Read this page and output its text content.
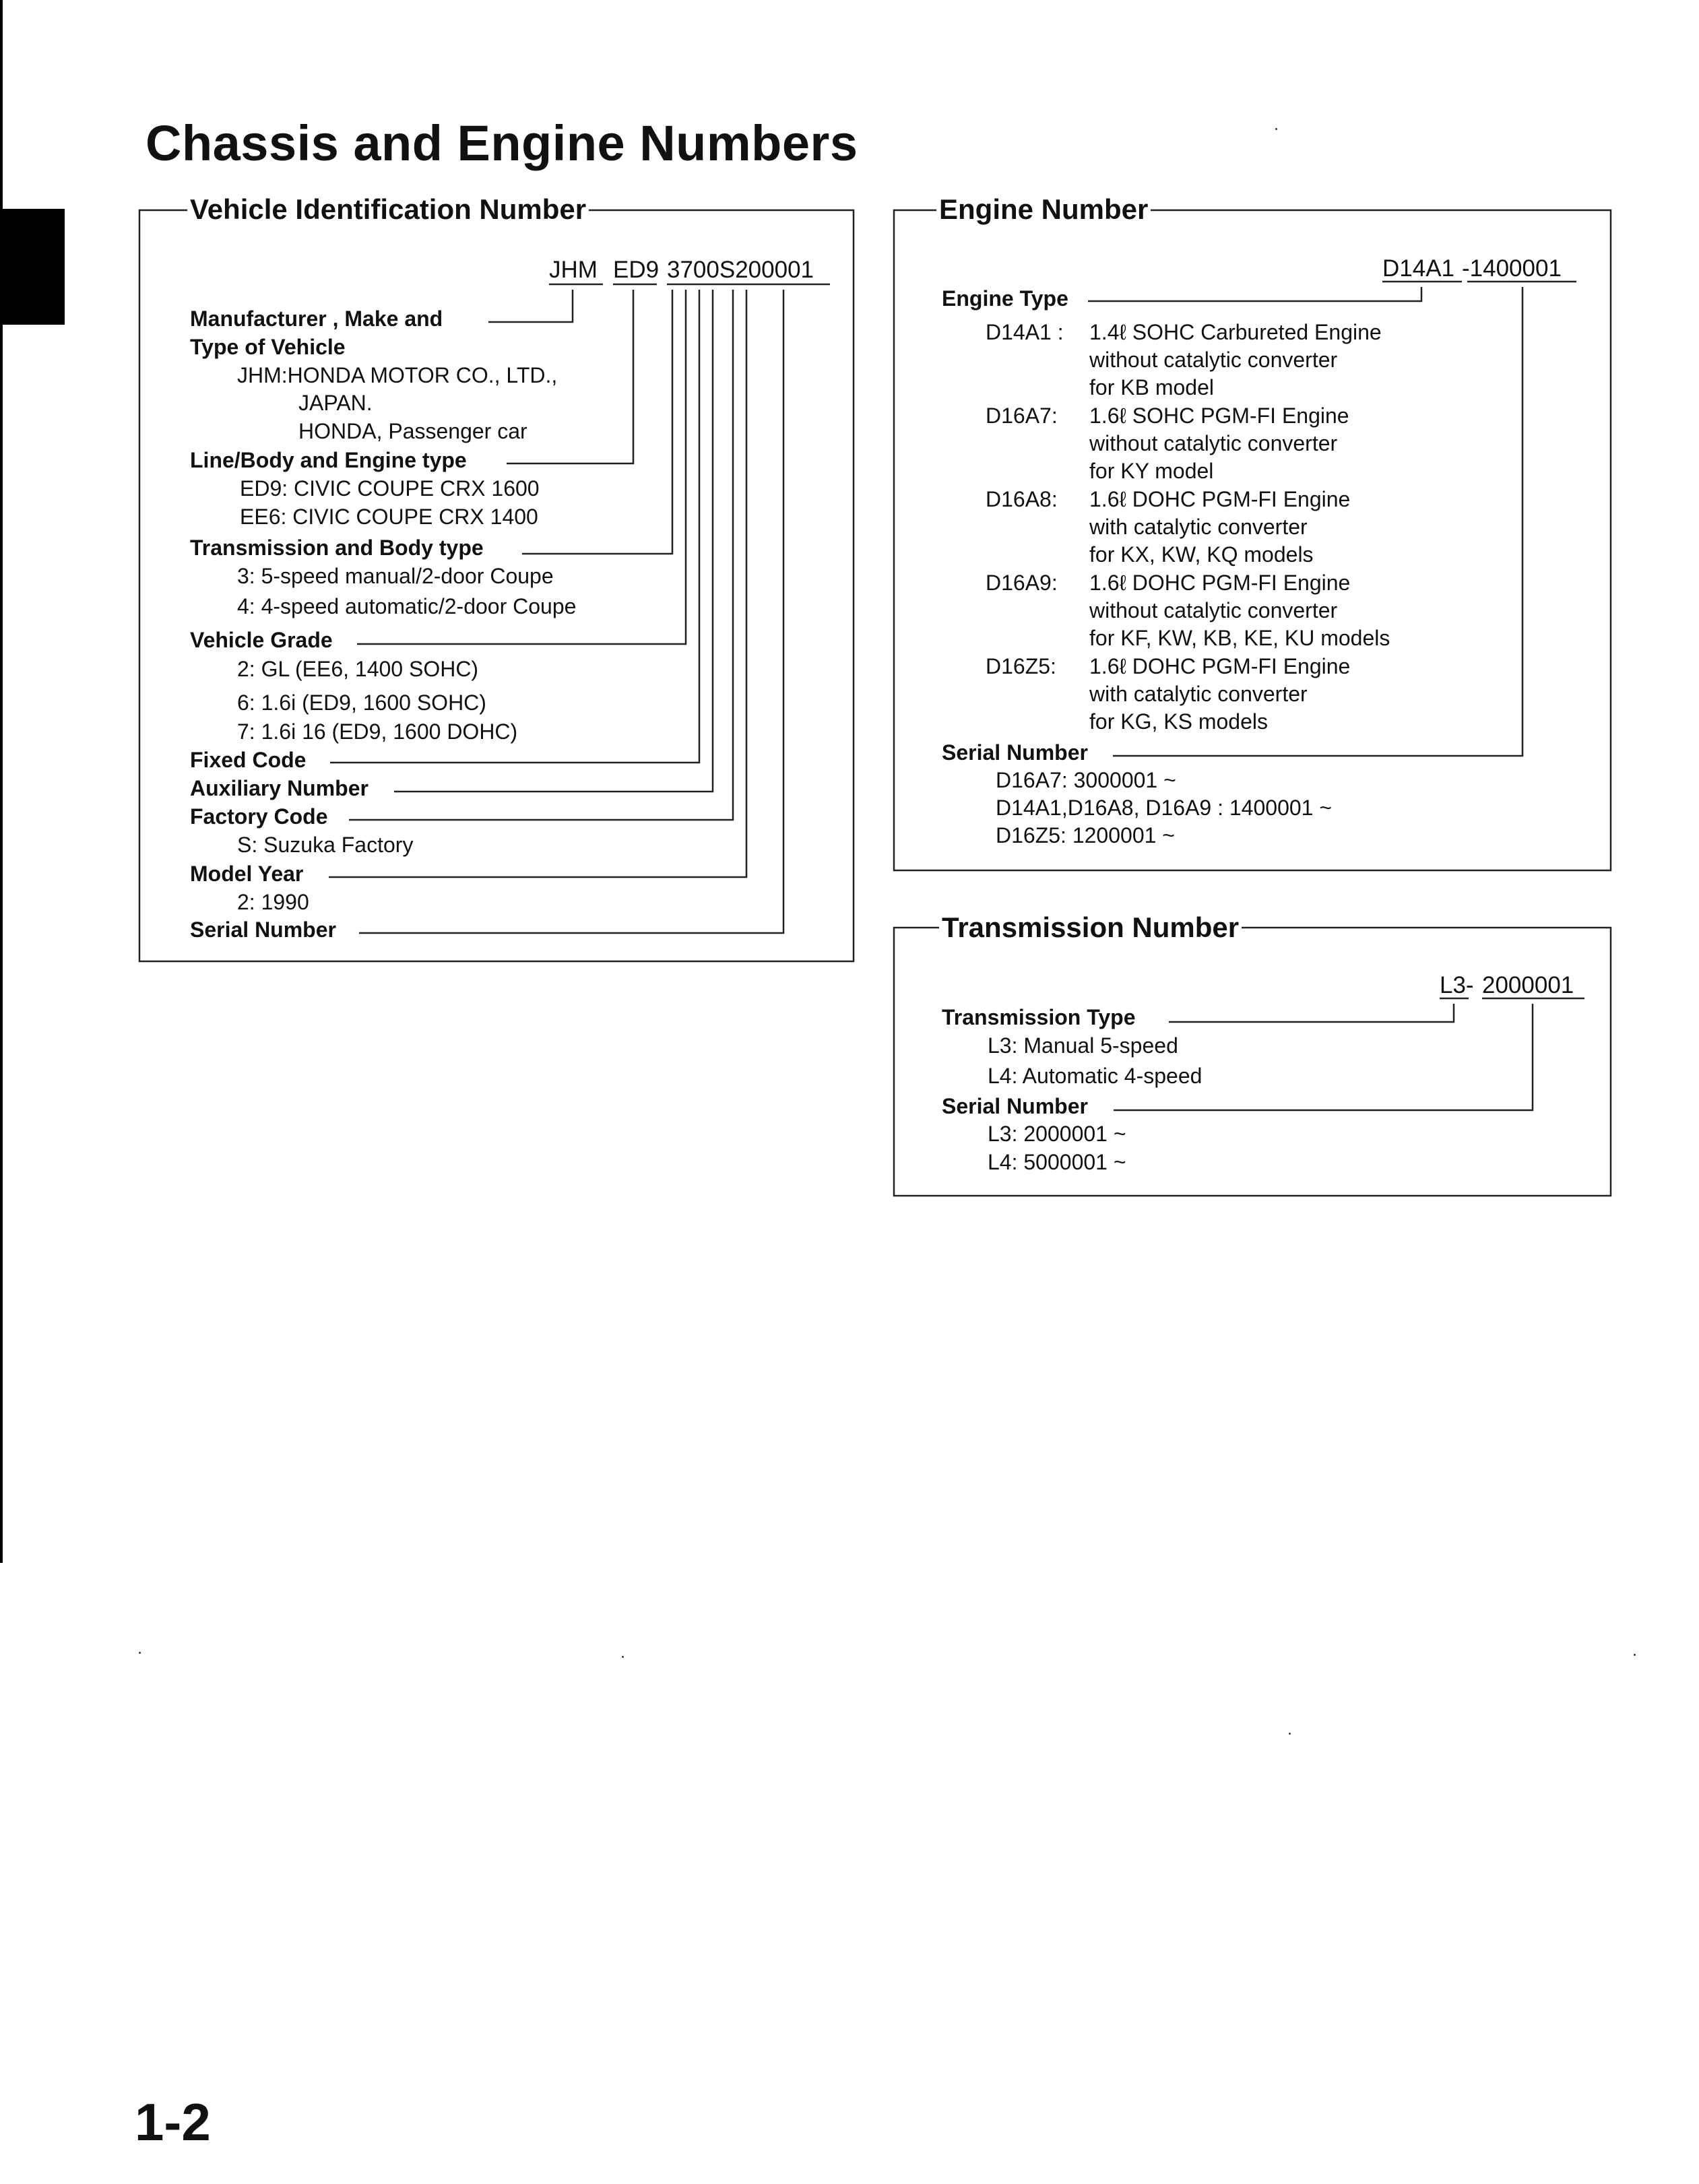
Chassis and Engine Numbers
Vehicle Identification Number
JHM ED9 3700S200001
Manufacturer , Make and
Type of Vehicle
JHM:HONDA MOTOR CO., LTD.,
JAPAN.
HONDA, Passenger car
Line/Body and Engine type
ED9: CIVIC COUPE CRX 1600
EE6: CIVIC COUPE CRX 1400
Transmission and Body type
3: 5-speed manual/2-door Coupe
4: 4-speed automatic/2-door Coupe
Vehicle Grade
2: GL (EE6, 1400 SOHC)
6: 1.6i (ED9, 1600 SOHC)
7: 1.6i 16 (ED9, 1600 DOHC)
Fixed Code
Auxiliary Number
Factory Code
S: Suzuka Factory
Model Year
2: 1990
Serial Number
Engine Number
D14A1 -1400001
Engine Type
D14A1 : 1.4ℓ SOHC Carbureted Engine
without catalytic converter
for KB model
D16A7: 1.6ℓ SOHC PGM-FI Engine
without catalytic converter
for KY model
D16A8: 1.6ℓ DOHC PGM-FI Engine
with catalytic converter
for KX, KW, KQ models
D16A9: 1.6ℓ DOHC PGM-FI Engine
without catalytic converter
for KF, KW, KB, KE, KU models
D16Z5: 1.6ℓ DOHC PGM-FI Engine
with catalytic converter
for KG, KS models
Serial Number
D16A7: 3000001 ~
D14A1,D16A8, D16A9 : 1400001 ~
D16Z5: 1200001 ~
Transmission Number
L3- 2000001
Transmission Type
L3: Manual 5-speed
L4: Automatic 4-speed
Serial Number
L3: 2000001 ~
L4: 5000001 ~
1-2
